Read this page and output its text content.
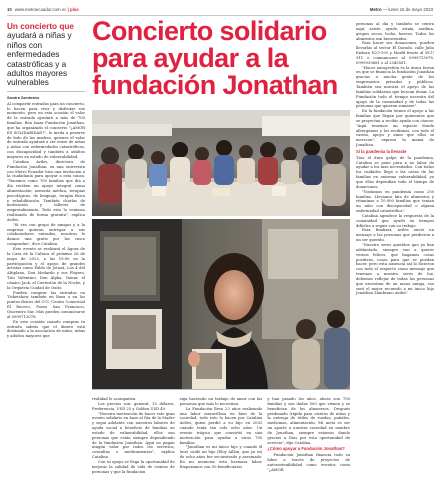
10 www.metroecuador.com.ec | plus	Metro — lunes 15 de mayo 2023
Un concierto que ayudará a niñas y niños con enfermedades catastróficas y a adultos mayores vulnerables
Sandra Zambrano

Al compartir entradas para un concierto, lo hacen para vivir y disfrutar ese momento, pero en esta ocasión el valor de la entrada ayudará a más de 700 familias. Bea Isaza Fundación Jonathan, que ha organizado el concierto "¿AMOR ES SOLIDARIDAD?", lo invita a ponerse de lado de las madres, quienes el valor de entrada ayudará a ser entre de niñas y niños con enfermedades catastróficas, con discapacidad y también a adultos mayores en estado de vulnerabilidad.

Catalina Aviles, directora de Fundación Jonathan, en una entrevista con Metro Ecuador hizo una invitación a la ciudadanía para apoyar a esta causa. "Tenemos como 700 familias que día a día reciben un apoyo integral como alimentación, asesoría médica, terapias psicológicas, de lenguaje, terapia física y rehabilitación. También charlas de motivación y talleres de emprendimiento. Todo esto lo venimos realizando de forma gratuita", explica Aviles.

"Si ves con grupo de amigos y a la empresa quieran entregar a sus colaboradores entradas, nosotros le damos una gratis por las cinco compradas", dice Catalina.

Este evento se realizará el Ágora de la Casa de la Cultura el próximo 26 de mayo de 2023, a las 19:00 en la participación y el apoyo de grandes artistas como Pablo de Jotuzá, Los 4 del Altiplano, Don Medardo y sus Players, Trío Valentino, Don Alpha, Yomar, el cómico Jack, el Centurión de la Noche, y la Orquesta Ciudad de Quito.

Pueden comprar las entradas en Ticketshow también en línea o en los puntos físicos del CCI, Centro Comercial El Recreo, Paseo San Francisco, Quicentro Sur. Más pueden comunicarse al 0999713078.

En este ocasión cuando compras tu entrada sabrás que el dinero está destinado a la asociación de niños, niñas y adultos mayores que

Concierto solidario
para ayudar a la
fundación Jonathan

realidad le acompañen.

Los precios son: general, 15 dólares. Preferencia, USD 25 y Golden USD 40.

"Nuestra motivación de hacer este gran evento solidario en base al Día de la Madre y segui adelante con nuestros labores de ayuda social a beneficio de familias en estado de vulnerabilidad, ellos son personas que están siempre dependiendo de la fundación Jonathan. Aquí no pagan ningún valor por todos los servicios, consultas o medicamentos", explica Catalina.

Con tu apoyo se llega la oportunidad de mejorar la calidad de vida de cientos de personas y que la fundación

siga haciendo un trabajo de amor con las personas que más lo necesitan.

La Fundación lleva 23 años realizando una labor maravillosa en bien de la sociedad, todo esto lo hacen por Catalina Aviles, quien perdió a su hijo en 2002 cuando tenía tan solo ocho años. Un evento trágico que convirtió en una motivación para ayudar a otros 700 familias.

"Jonathan es mi único hijo y cuando él (me) cuidó mi hijo (Eloy Aillon, que ya es) de ocho años fue secuestrado y asesinado. En mi memoria esta hermosa labor. Empezamos con 50 beneficiarios

y han pasado los años, ahora son 700 familias y son dadas 500 que vienen y se benefician de los almuerzos. Después perdonado (rígida para cientos de niños y la entrega de útiles de ruedas, pañales, medicinas, alimentación. Mi meta es ser un aporte a nuestra sociedad en nombre de Jonathan, siempre estamos dando gracias a Dios por esta oportunidad de servicio", dijo Catalina.

¿Cómo apoyar a Fundación Jonathan?

Fundación Jonathan financia todo su labor a través de proyectos de autosostenibilidad como eventos como "¿AMOR

personas al día y también se centra aquí, asiste, ayude, atraía, sardina, grupos secos, leche, huevos. Todos los alimentos son bienvenidos.

Para hacer sus donaciones, pueden llevarlas al sector El Dorado, calle Julio Endara N23-193 y Marfil frente al ECU 911 o comunicarse al 0999713078, 0999939681 o al 2545581.

"Hacer autogestión es la única forma en que se financia la fundación Jonathan gracias a mucha gente de los empresarios privados y públicos. También sea nuestra el apoyo de las familias solidarias que buscan donar. La Fundación todo el tiempo necesita del apoyo de la comunidad y de todas las personas que quieran sumarse".

En la fundación tienen el apoyo a las familias que llegan por quinientos que se proyectan a recibir ayuda con cáncer. "Aquí tenemos un espacio donde albergamos y los recibimos, con todo el cariño, apoyo y amor que ellos se merecen", expresa la mamá de Jonathan.

Si la pandemia la llevaste

Tras el duro golpe de la pandemia, Catalina se pone para a no labor de ayudar a los más necesitados. Con todos los cuidados llegó a las casas de las familias en extrema vulnerabilidad, ya que ellos dependían todo el tiempo de donaciones.

"Visitamos en pandemia como 250 familias. Llevamos kits de alimentos y vitaminas a 10.000 familias que tenían un niño con discapacidad o alguna enfermedad catastrófica".

Catalina agradece la respuesta de la comunidad que ayudó en tiempos difíciles a seguir con su trabajo.

Para finalizar, Avilés envió un mensaje a las personas que perdieron a un ser querido.

"Nuestro seres queridos que ya han adelantado, siempre van a querer vernos felices, que hagamos cosas positivas, cosas para que se puedan hacer, pero esta ausencia así lo hicieron con todo el respecto como mensaje que tenemos a nuestro seres de luz, debemos reflejar de todas las personas que necesitan de un mano amiga, ese será el mejor recuerdo a mi único hijo Jonathan Zambrano Aviles"
